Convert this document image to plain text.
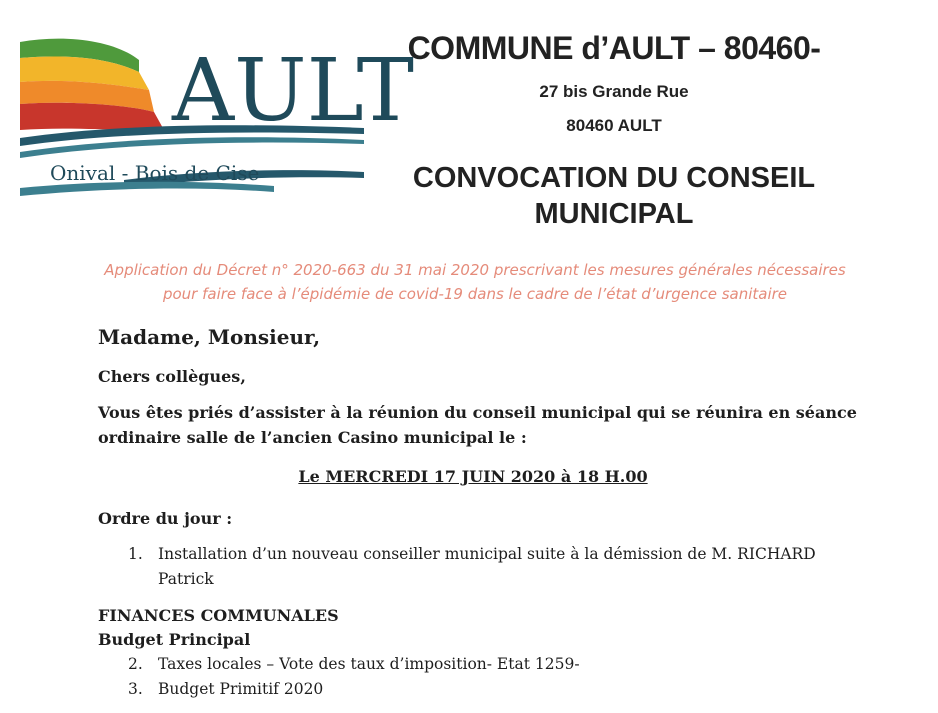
AULT
Onival - Bois de Cise

COMMUNE d’AULT – 80460-

27 bis Grande Rue

80460 AULT

CONVOCATION DU CONSEIL
MUNICIPAL
Application du Décret n° 2020-663 du 31 mai 2020 prescrivant les mesures générales nécessaires
pour faire face à l’épidémie de covid-19 dans le cadre de l’état d’urgence sanitaire

Madame, Monsieur,

Chers collègues,

Vous êtes priés d’assister à la réunion du conseil municipal qui se réunira en séance
ordinaire salle de l’ancien Casino municipal le :

Le MERCREDI 17 JUIN 2020 à 18 H.00

Ordre du jour :

1. Installation d’un nouveau conseiller municipal suite à la démission de M. RICHARD
Patrick

FINANCES COMMUNALES

Budget Principal

2. Taxes locales – Vote des taux d’imposition- Etat 1259-
3. Budget Primitif 2020
